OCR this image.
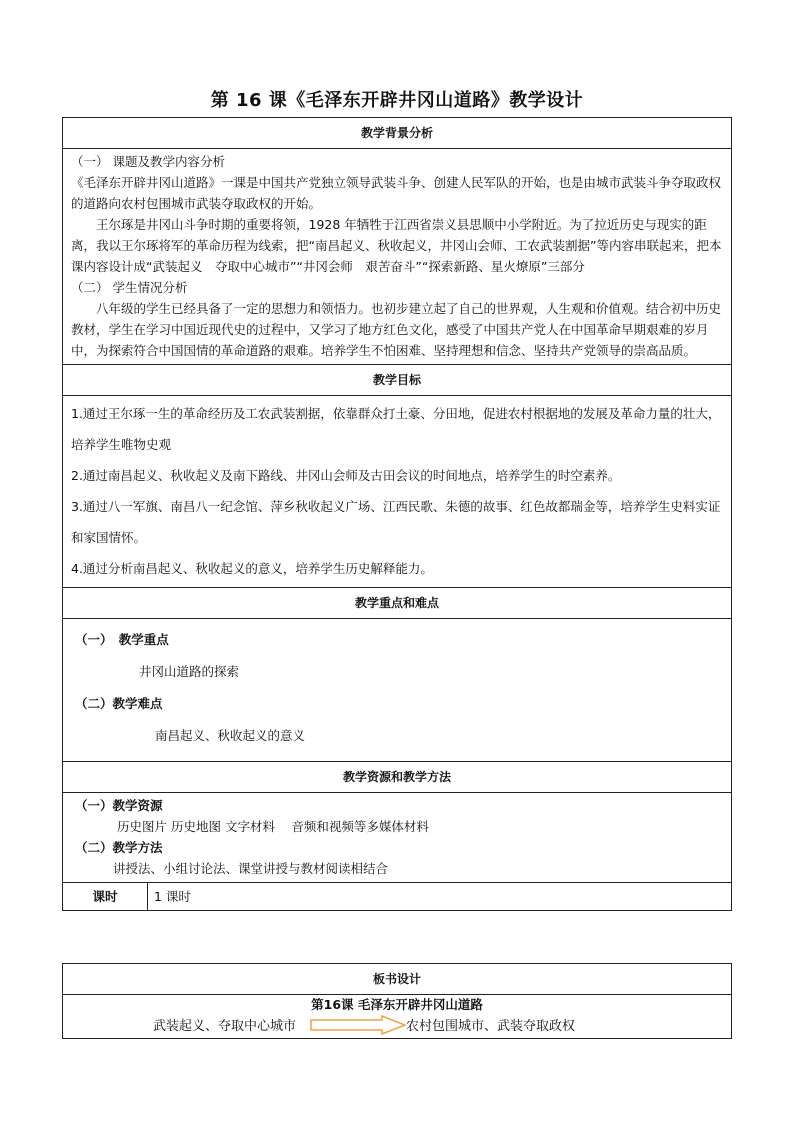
第 16 课《毛泽东开辟井冈山道路》教学设计
教学背景分析

（一） 课题及教学内容分析

《毛泽东开辟井冈山道路》一课是中国共产党独立领导武装斗争、创建人民军队的开始，也是由城市武装斗争夺取政权的道路向农村包围城市武装夺取政权的开始。

王尔琢是井冈山斗争时期的重要将领，1928 年牺牲于江西省崇义县思顺中小学附近。为了拉近历史与现实的距离，我以王尔琢将军的革命历程为线索，把“南昌起义、秋收起义，井冈山会师、工农武装割据”等内容串联起来，把本课内容设计成“武装起义　夺取中心城市”“井冈会师　艰苦奋斗”“探索新路、星火燎原”三部分

（二） 学生情况分析

八年级的学生已经具备了一定的思想力和领悟力。也初步建立起了自己的世界观，人生观和价值观。结合初中历史教材，学生在学习中国近现代史的过程中，又学习了地方红色文化，感受了中国共产党人在中国革命早期艰难的岁月中，为探索符合中国国情的革命道路的艰难。培养学生不怕困难、坚持理想和信念、坚持共产党领导的崇高品质。

教学目标

1.通过王尔琢一生的革命经历及工农武装割据，依靠群众打土豪、分田地，促进农村根据地的发展及革命力量的壮大，培养学生唯物史观

2.通过南昌起义、秋收起义及南下路线、井冈山会师及古田会议的时间地点，培养学生的时空素养。

3.通过八一军旗、南昌八一纪念馆、萍乡秋收起义广场、江西民歌、朱德的故事、红色故都瑞金等，培养学生史料实证和家国情怀。

4.通过分析南昌起义、秋收起义的意义，培养学生历史解释能力。

教学重点和难点

（一）　教学重点

井冈山道路的探索

（二）教学难点

南昌起义、秋收起义的意义

教学资源和教学方法

（一）教学资源

历史图片 历史地图 文字材料　 音频和视频等多媒体材料

（二）教学方法

讲授法、小组讨论法、课堂讲授与教材阅读相结合

课时	1 课时
板书设计

第16课 毛泽东开辟井冈山道路
武装起义、夺取中心城市	农村包围城市、武装夺取政权
